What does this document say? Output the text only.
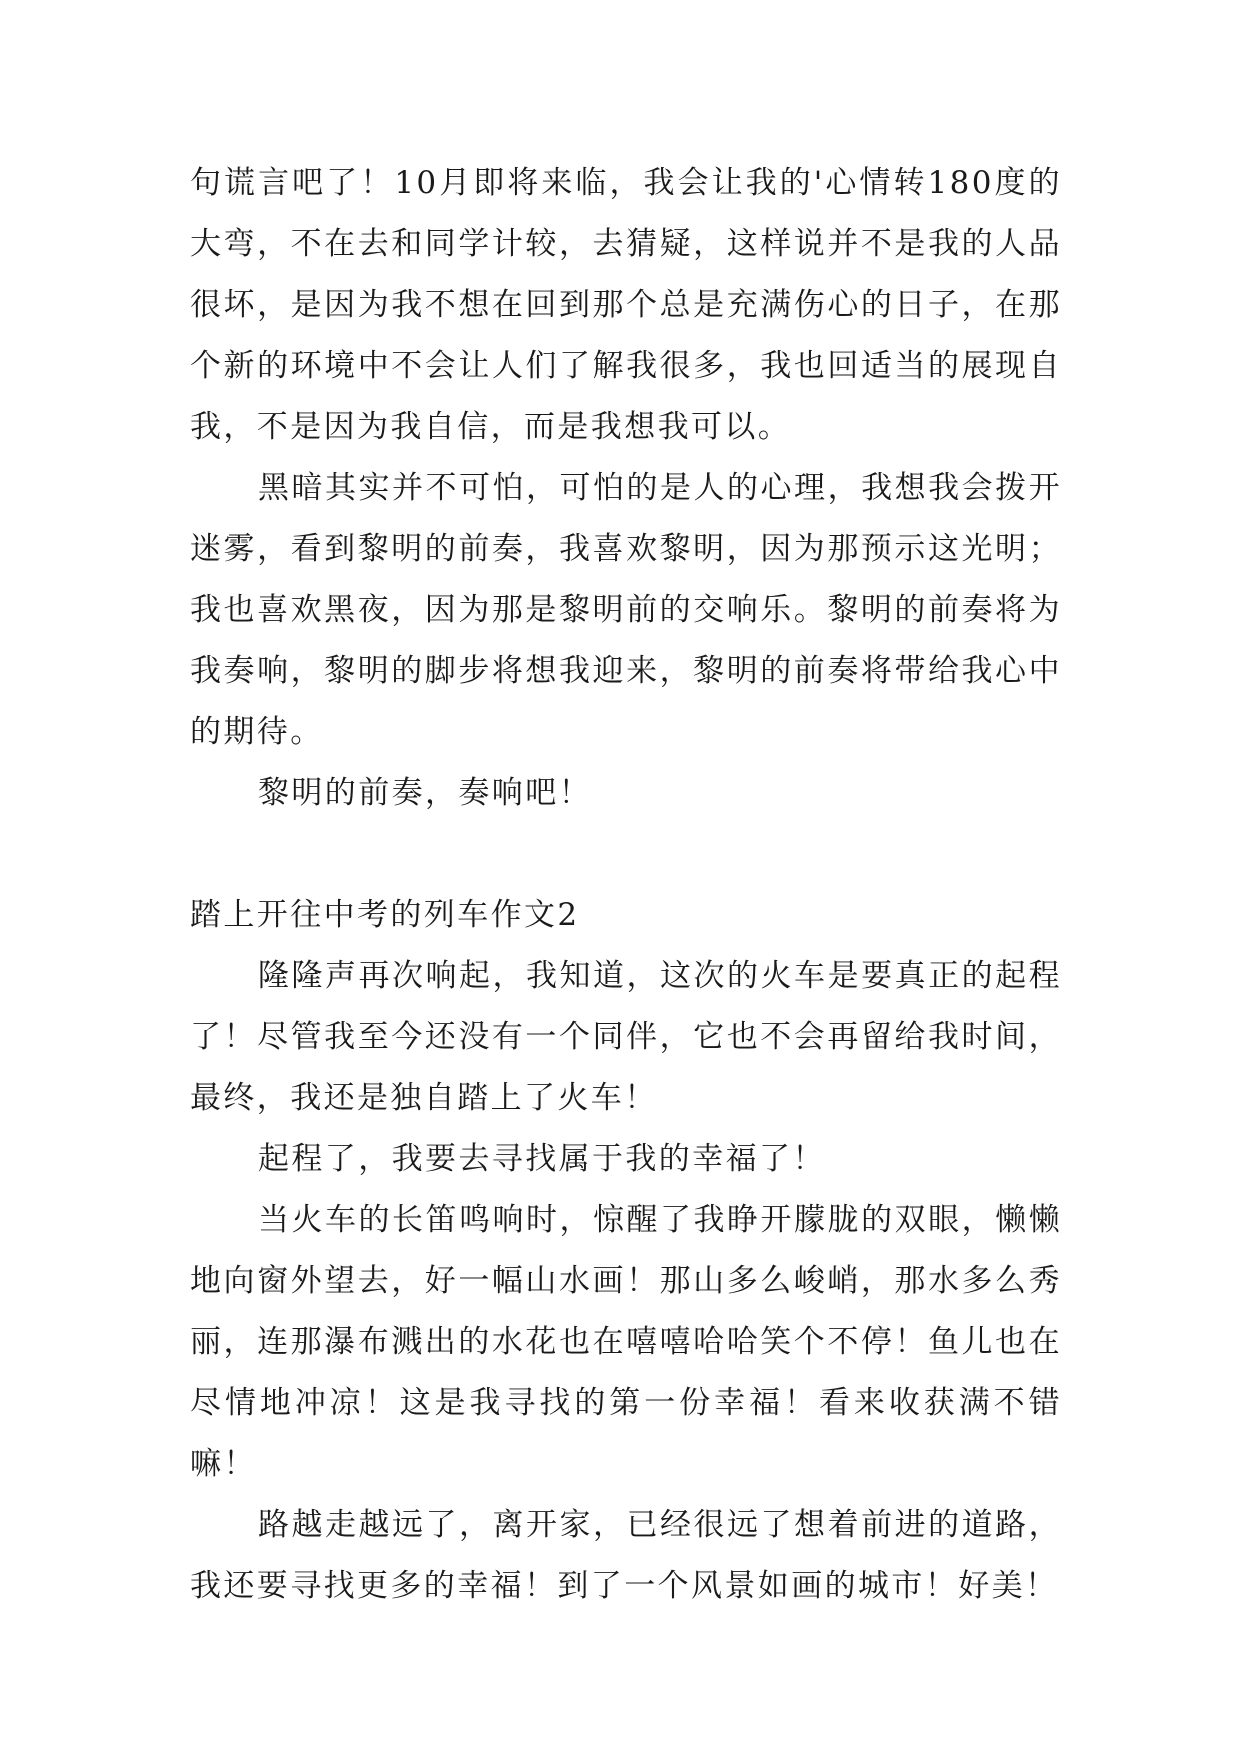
句谎言吧了！10月即将来临，我会让我的'心情转180度的大弯，不在去和同学计较，去猜疑，这样说并不是我的人品很坏，是因为我不想在回到那个总是充满伤心的日子，在那个新的环境中不会让人们了解我很多，我也回适当的展现自我，不是因为我自信，而是我想我可以。

黑暗其实并不可怕，可怕的是人的心理，我想我会拨开迷雾，看到黎明的前奏，我喜欢黎明，因为那预示这光明；我也喜欢黑夜，因为那是黎明前的交响乐。黎明的前奏将为我奏响，黎明的脚步将想我迎来，黎明的前奏将带给我心中的期待。

黎明的前奏，奏响吧！

踏上开往中考的列车作文2

隆隆声再次响起，我知道，这次的火车是要真正的起程了！尽管我至今还没有一个同伴，它也不会再留给我时间，最终，我还是独自踏上了火车！

起程了，我要去寻找属于我的幸福了！

当火车的长笛鸣响时，惊醒了我睁开朦胧的双眼，懒懒地向窗外望去，好一幅山水画！那山多么峻峭，那水多么秀丽，连那瀑布溅出的水花也在嘻嘻哈哈笑个不停！鱼儿也在尽情地冲凉！这是我寻找的第一份幸福！看来收获满不错嘛！

路越走越远了，离开家，已经很远了想着前进的道路，我还要寻找更多的幸福！到了一个风景如画的城市！好美！
